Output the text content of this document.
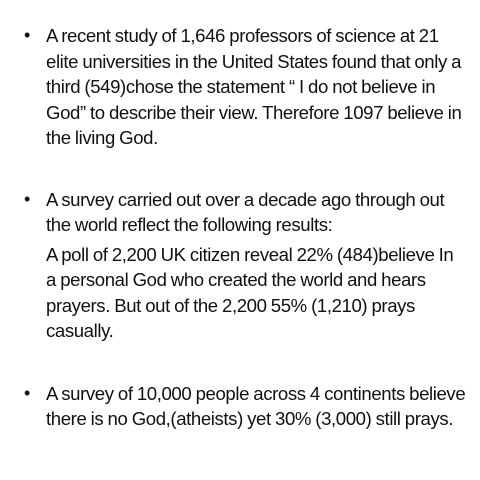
• A recent study of 1,646 professors of science at 21 elite universities in the United States found that only a third (549)chose the statement “ I do not believe in God” to describe their view. Therefore 1097 believe in the living God.

• A survey carried out over a decade ago through out the world reflect the following results:

A poll of 2,200 UK citizen reveal 22% (484)believe In a personal God who created the world and hears prayers. But out of the 2,200 55% (1,210) prays casually.

• A survey of 10,000 people across 4 continents believe there is no God,(atheists) yet 30% (3,000) still prays.
